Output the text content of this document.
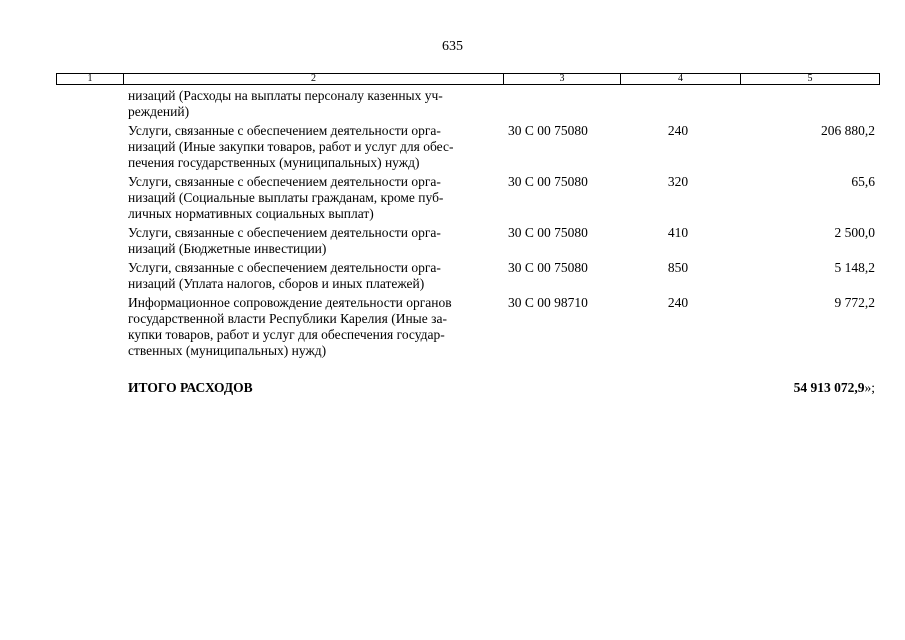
635
1	2	3	4	5
низаций (Расходы на выплаты персоналу казенных уч-
реждений)
Услуги, связанные с обеспечением деятельности орга-
низаций (Иные закупки товаров, работ и услуг для обес-
печения государственных (муниципальных) нужд)
30 С 00 75080	240	206 880,2
Услуги, связанные с обеспечением деятельности орга-
низаций (Социальные выплаты гражданам, кроме пуб-
личных нормативных социальных выплат)
30 С 00 75080	320	65,6
Услуги, связанные с обеспечением деятельности орга-
низаций (Бюджетные инвестиции)
30 С 00 75080	410	2 500,0
Услуги, связанные с обеспечением деятельности орга-
низаций (Уплата налогов, сборов и иных платежей)
30 С 00 75080	850	5 148,2
Информационное сопровождение деятельности органов
государственной власти Республики Карелия (Иные за-
купки товаров, работ и услуг для обеспечения государ-
ственных (муниципальных) нужд)
30 С 00 98710	240	9 772,2
ИТОГО РАСХОДОВ	54 913 072,9»;
